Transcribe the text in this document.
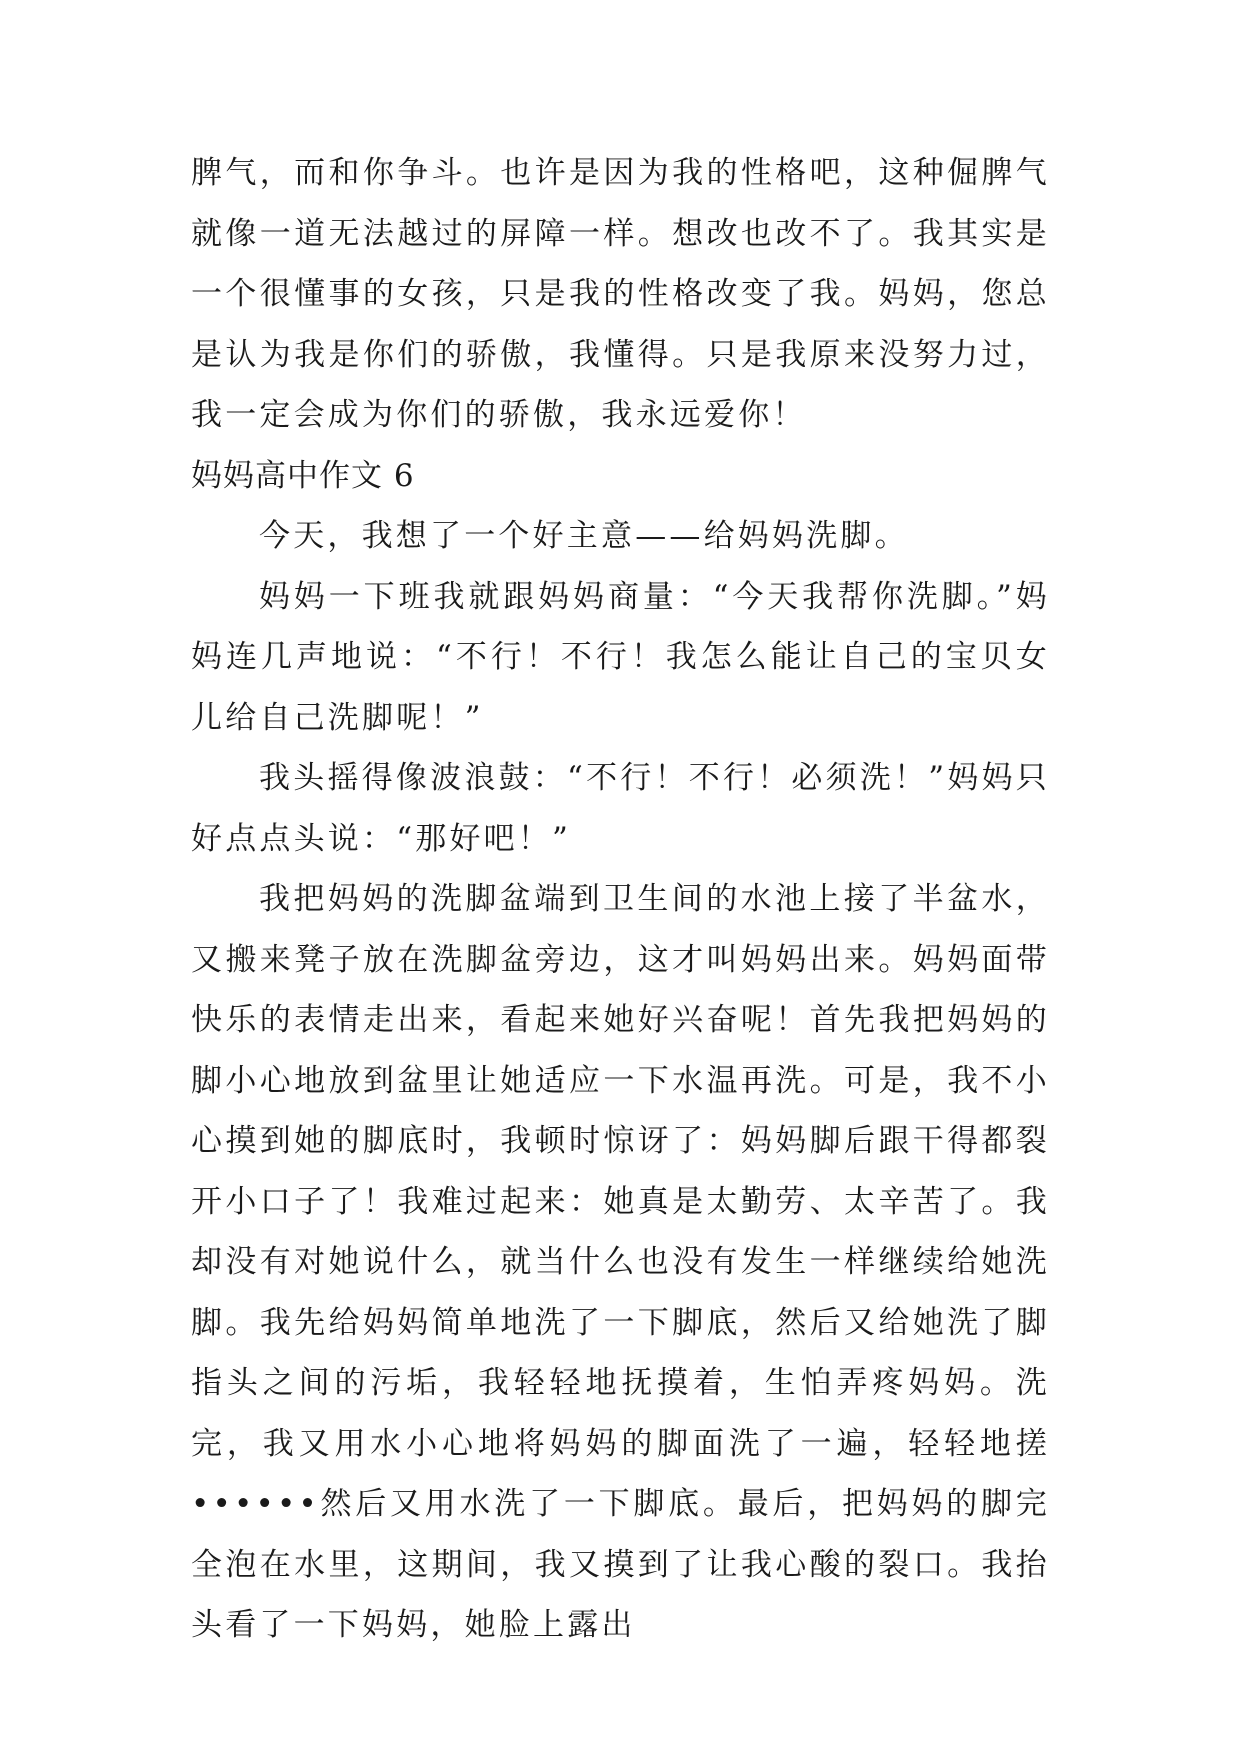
脾气，而和你争斗。也许是因为我的性格吧，这种倔脾气就像一道无法越过的屏障一样。想改也改不了。我其实是一个很懂事的女孩，只是我的性格改变了我。妈妈，您总是认为我是你们的骄傲，我懂得。只是我原来没努力过，我一定会成为你们的骄傲，我永远爱你！

妈妈高中作文 6

今天，我想了一个好主意——给妈妈洗脚。

妈妈一下班我就跟妈妈商量：“今天我帮你洗脚。”妈妈连几声地说：“不行！不行！我怎么能让自己的宝贝女儿给自己洗脚呢！”

我头摇得像波浪鼓：“不行！不行！必须洗！”妈妈只好点点头说：“那好吧！”

我把妈妈的洗脚盆端到卫生间的水池上接了半盆水，又搬来凳子放在洗脚盆旁边，这才叫妈妈出来。妈妈面带快乐的表情走出来，看起来她好兴奋呢！首先我把妈妈的脚小心地放到盆里让她适应一下水温再洗。可是，我不小心摸到她的脚底时，我顿时惊讶了：妈妈脚后跟干得都裂开小口子了！我难过起来：她真是太勤劳、太辛苦了。我却没有对她说什么，就当什么也没有发生一样继续给她洗脚。我先给妈妈简单地洗了一下脚底，然后又给她洗了脚指头之间的污垢，我轻轻地抚摸着，生怕弄疼妈妈。洗完，我又用水小心地将妈妈的脚面洗了一遍，轻轻地搓••••••然后又用水洗了一下脚底。最后，把妈妈的脚完全泡在水里，这期间，我又摸到了让我心酸的裂口。我抬头看了一下妈妈，她脸上露出
